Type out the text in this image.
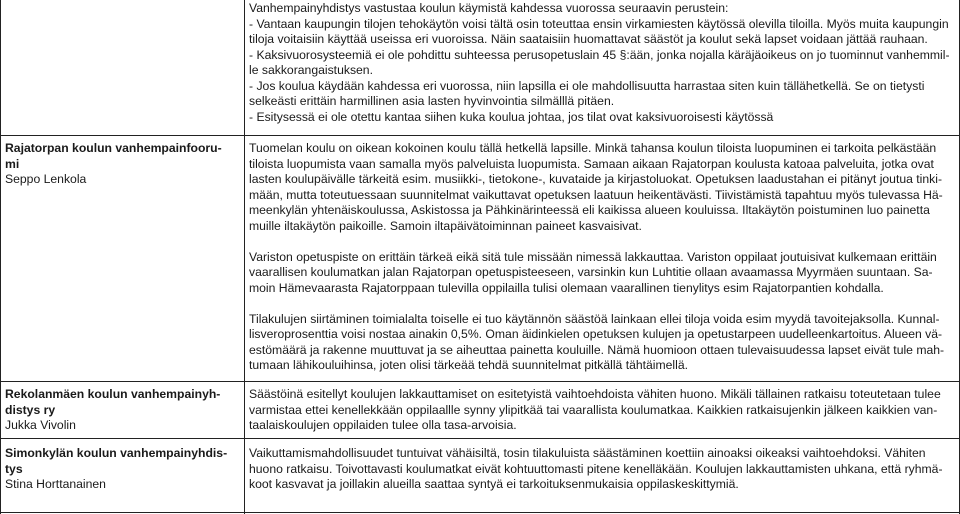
Vanhempainyhdistys vastustaa koulun käymistä kahdessa vuorossa seuraavin perustein:

- Vantaan kaupungin tilojen tehokäytön voisi tältä osin toteuttaa ensin virkamiesten käytössä olevilla tiloilla. Myös muita kaupungin

tiloja voitaisiin käyttää useissa eri vuoroissa. Näin saataisiin huomattavat säästöt ja koulut sekä lapset voidaan jättää rauhaan.

- Kaksivuorosysteemiä ei ole pohdittu suhteessa perusopetuslain 45 §:ään, jonka nojalla käräjäoikeus on jo tuominnut vanhemmil-

le sakkorangaistuksen.

- Jos koulua käydään kahdessa eri vuorossa, niin lapsilla ei ole mahdollisuutta harrastaa siten kuin tällähetkellä. Se on tietysti

selkeästi erittäin harmillinen asia lasten hyvinvointia silmälllä pitäen.

- Esitysessä ei ole otettu kantaa siihen kuka koulua johtaa, jos tilat ovat kaksivuoroisesti käytössä

Rajatorpan koulun vanhempainfooru-

mi

Seppo Lenkola

Tuomelan koulu on oikean kokoinen koulu tällä hetkellä lapsille. Minkä tahansa koulun tiloista luopuminen ei tarkoita pelkästään

tiloista luopumista vaan samalla myös palveluista luopumista. Samaan aikaan Rajatorpan koulusta katoaa palveluita, jotka ovat

lasten koulupäivälle tärkeitä esim. musiikki-, tietokone-, kuvataide ja kirjastoluokat. Opetuksen laadustahan ei pitänyt joutua tinki-

mään, mutta toteutuessaan suunnitelmat vaikuttavat opetuksen laatuun heikentävästi. Tiivistämistä tapahtuu myös tulevassa Hä-

meenkylän yhtenäiskoulussa, Askistossa ja Pähkinärinteessä eli kaikissa alueen kouluissa. Iltakäytön poistuminen luo painetta

muille iltakäytön paikoille. Samoin iltapäivätoiminnan paineet kasvaisivat.

Variston opetuspiste on erittäin tärkeä eikä sitä tule missään nimessä lakkauttaa. Variston oppilaat joutuisivat kulkemaan erittäin

vaarallisen koulumatkan jalan Rajatorpan opetuspisteeseen, varsinkin kun Luhtitie ollaan avaamassa Myyrmäen suuntaan. Sa-

moin Hämevaarasta Rajatorppaan tulevilla oppilailla tulisi olemaan vaarallinen tienylitys esim Rajatorpantien kohdalla.

Tilakulujen siirtäminen toimialalta toiselle ei tuo käytännön säästöä lainkaan ellei tiloja voida esim myydä tavoitejaksolla. Kunnal-

lisveroprosenttia voisi nostaa ainakin 0,5%. Oman äidinkielen opetuksen kulujen ja opetustarpeen uudelleenkartoitus. Alueen vä-

estömäärä ja rakenne muuttuvat ja se aiheuttaa painetta kouluille. Nämä huomioon ottaen tulevaisuudessa lapset eivät tule mah-

tumaan lähikouluihinsa, joten olisi tärkeää tehdä suunnitelmat pitkällä tähtäimellä.

Rekolanmäen koulun vanhempainyh-

distys ry

Jukka Vivolin

Säästöinä esitellyt koulujen lakkauttamiset on esitetyistä vaihtoehdoista vähiten huono. Mikäli tällainen ratkaisu toteutetaan tulee

varmistaa ettei kenellekkään oppilaallle synny ylipitkää tai vaarallista koulumatkaa. Kaikkien ratkaisujenkin jälkeen kaikkien van-

taalaiskoulujen oppilaiden tulee olla tasa-arvoisia.

Simonkylän koulun vanhempainyhdis-

tys

Stina Horttanainen

Vaikuttamismahdollisuudet tuntuivat vähäisiltä, tosin tilakuluista säästäminen koettiin ainoaksi oikeaksi vaihtoehdoksi. Vähiten

huono ratkaisu. Toivottavasti koulumatkat eivät kohtuuttomasti pitene kenelläkään. Koulujen lakkauttamisten uhkana, että ryhmä-

koot kasvavat ja joillakin alueilla saattaa syntyä ei tarkoituksenmukaisia oppilaskeskittymiä.
